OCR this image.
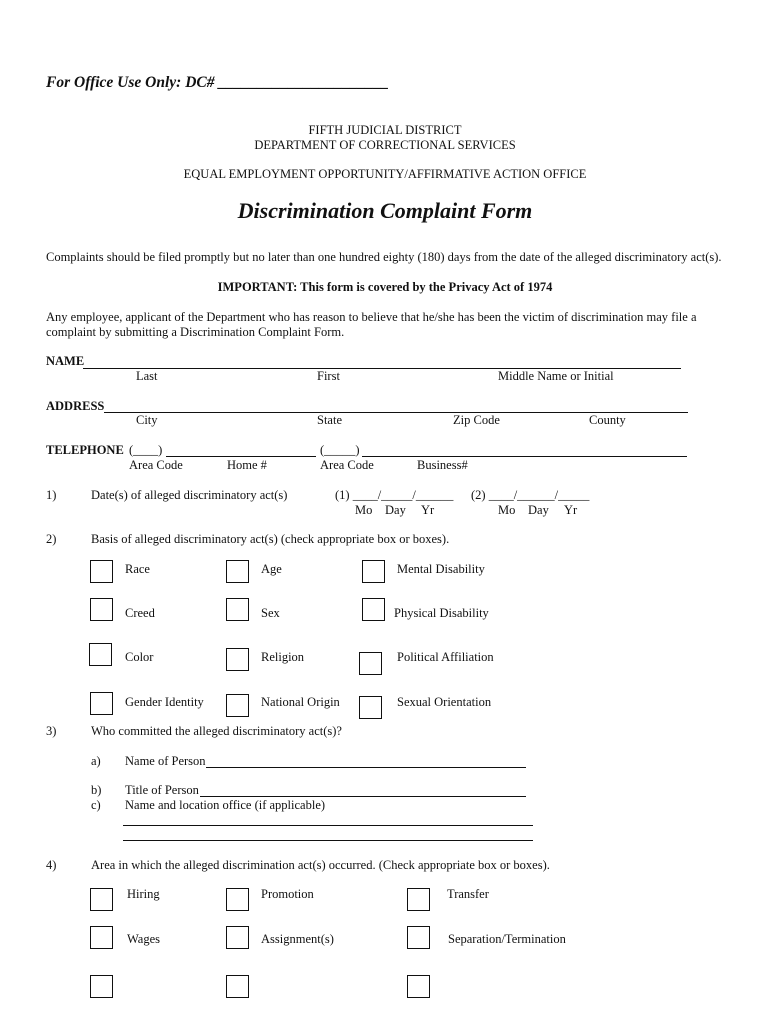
For Office Use Only: DC# ______________________
FIFTH JUDICIAL DISTRICT
DEPARTMENT OF CORRECTIONAL SERVICES
EQUAL EMPLOYMENT OPPORTUNITY/AFFIRMATIVE ACTION OFFICE
Discrimination Complaint Form
Complaints should be filed promptly but no later than one hundred eighty (180) days from the date of the alleged discriminatory act(s).
IMPORTANT: This form is covered by the Privacy Act of 1974
Any employee, applicant of the Department who has reason to believe that he/she has been the victim of discrimination may file a complaint by submitting a Discrimination Complaint Form.
NAME
Last	First	Middle Name or Initial
ADDRESS
City	State	Zip Code	County
TELEPHONE (____)	(_____)
Area Code	Home #	Area Code	Business#
1)	Date(s) of alleged discriminatory act(s)	(1) ____/_____/______ (2) ____/______/_____
Mo Day Yr	Mo Day Yr
2)	Basis of alleged discriminatory act(s) (check appropriate box or boxes).
Race	Age	Mental Disability
Creed	Sex	Physical Disability
Color	Religion	Political Affiliation
Gender Identity	National Origin	Sexual Orientation
3)	Who committed the alleged discriminatory act(s)?
a) Name of Person
b) Title of Person
c) Name and location office (if applicable)
4)	Area in which the alleged discrimination act(s) occurred. (Check appropriate box or boxes).
Hiring	Promotion	Transfer
Wages	Assignment(s)	Separation/Termination
